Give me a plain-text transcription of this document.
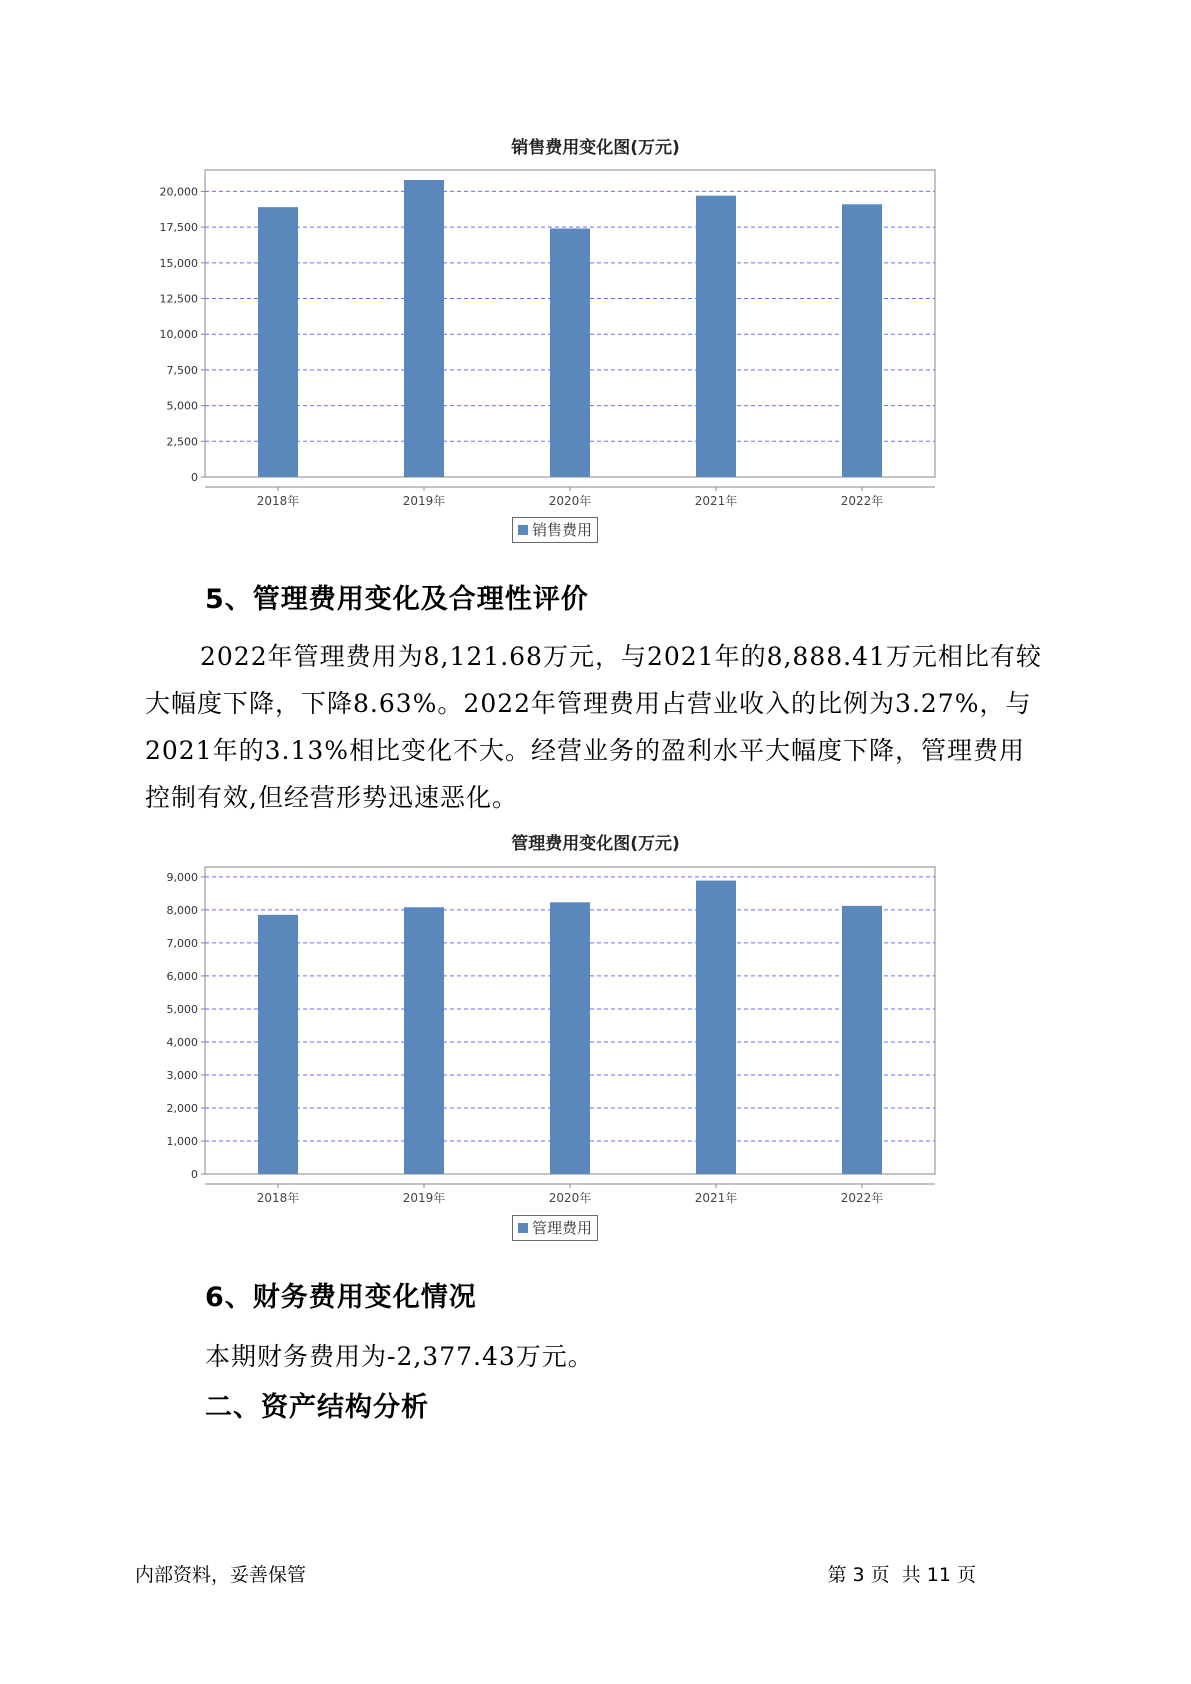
销售费用变化图(万元)
0
2,500
5,000
7,500
10,000
12,500
15,000
17,500
20,000
2018年	2019年	2020年	2021年	2022年
销售费用
5、管理费用变化及合理性评价

2022年管理费用为8,121.68万元，与2021年的8,888.41万元相比有较大幅度下降，下降8.63%。2022年管理费用占营业收入的比例为3.27%，与2021年的3.13%相比变化不大。经营业务的盈利水平大幅度下降，管理费用控制有效,但经营形势迅速恶化。

管理费用变化图(万元)
0
1,000
2,000
3,000
4,000
5,000
6,000
7,000
8,000
9,000
2018年	2019年	2020年	2021年	2022年
管理费用
6、财务费用变化情况
本期财务费用为-2,377.43万元。
二、资产结构分析
内部资料，妥善保管	第 3 页  共 11 页
